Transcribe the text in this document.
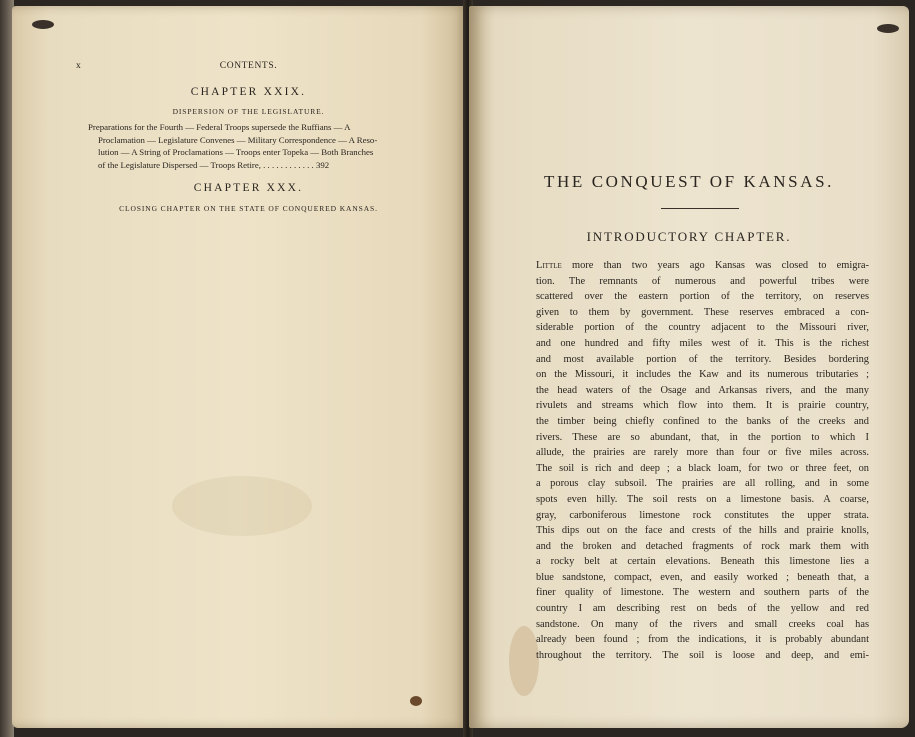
x	CONTENTS.
CHAPTER XXIX.
DISPERSION OF THE LEGISLATURE.
Preparations for the Fourth — Federal Troops supersede the Ruffians — A
Proclamation — Legislature Convenes — Military Correspondence — A Reso-
lution — A String of Proclamations — Troops enter Topeka — Both Branches
of the Legislature Dispersed — Troops Retire, . . . . . . . . . . . . 392
CHAPTER XXX.
CLOSING CHAPTER ON THE STATE OF CONQUERED KANSAS.
THE CONQUEST OF KANSAS.
INTRODUCTORY CHAPTER.
Little more than two years ago Kansas was closed to emigra-
tion. The remnants of numerous and powerful tribes were
scattered over the eastern portion of the territory, on reserves
given to them by government. These reserves embraced a con-
siderable portion of the country adjacent to the Missouri river,
and one hundred and fifty miles west of it. This is the richest
and most available portion of the territory. Besides bordering
on the Missouri, it includes the Kaw and its numerous tributaries ;
the head waters of the Osage and Arkansas rivers, and the many
rivulets and streams which flow into them. It is prairie country,
the timber being chiefly confined to the banks of the creeks and
rivers. These are so abundant, that, in the portion to which I
allude, the prairies are rarely more than four or five miles across.
The soil is rich and deep ; a black loam, for two or three feet, on
a porous clay subsoil. The prairies are all rolling, and in some
spots even hilly. The soil rests on a limestone basis. A coarse,
gray, carboniferous limestone rock constitutes the upper strata.
This dips out on the face and crests of the hills and prairie knolls,
and the broken and detached fragments of rock mark them with
a rocky belt at certain elevations. Beneath this limestone lies a
blue sandstone, compact, even, and easily worked ; beneath that, a
finer quality of limestone. The western and southern parts of the
country I am describing rest on beds of the yellow and red
sandstone. On many of the rivers and small creeks coal has
already been found ; from the indications, it is probably abundant
throughout the territory. The soil is loose and deep, and emi-
